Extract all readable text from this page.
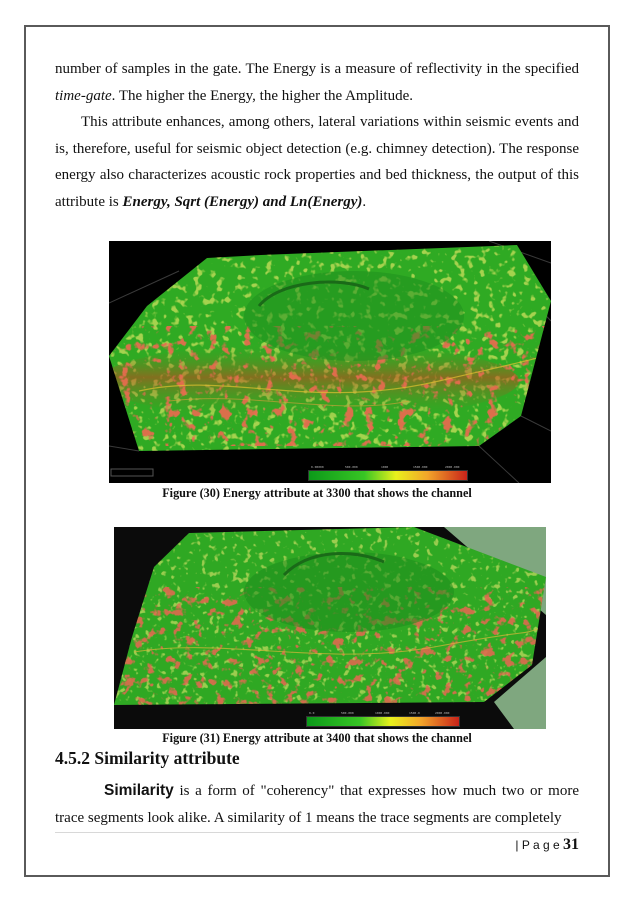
number of samples in the gate. The Energy is a measure of reflectivity in the specified time-gate. The higher the Energy, the higher the Amplitude.
This attribute enhances, among others, lateral variations within seismic events and is, therefore, useful for seismic object detection (e.g. chimney detection). The response energy also characterizes acoustic rock properties and bed thickness, the output of this attribute is Energy, Sqrt (Energy) and Ln(Energy).
0.00000	500.000	1000	1500.000	2000.000
Figure (30) Energy attribute at 3300 that shows the channel
0.0	500.000	1000.000	1500.0	2000.000
Figure (31) Energy attribute at 3400 that shows the channel
4.5.2 Similarity attribute
Similarity is a form of "coherency" that expresses how much two or more trace segments look alike. A similarity of 1 means the trace segments are completely
| P a g e 31
